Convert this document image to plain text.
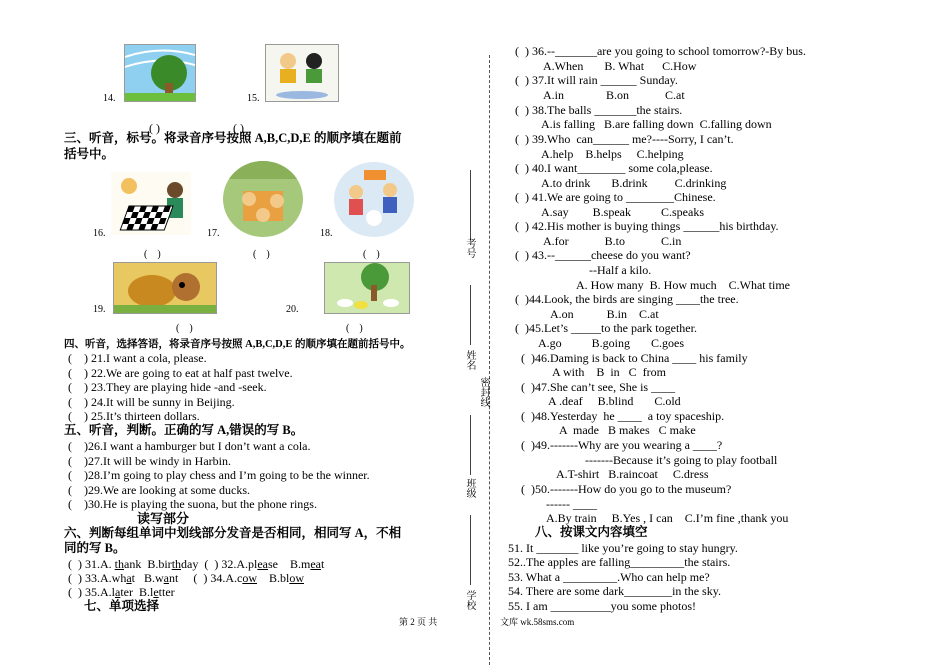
14.	15.
( )	( )
三、听音，标号。将录音序号按照 A,B,C,D,E 的顺序填在题前
括号中。
16.	17.	18.
(    )	(    )	(    )
19.	20.
(    )	(    )
四、听音，选择答语，将录音序号按照 A,B,C,D,E 的顺序填在题前括号中。
(    ) 21.I want a cola, please.
(    ) 22.We are going to eat at half past twelve.
(    ) 23.They are playing hide -and -seek.
(    ) 24.It will be sunny in Beijing.
(    ) 25.It’s thirteen dollars.
五、听音，判断。正确的写 A,错误的写 B。
(    )26.I want a hamburger but I don’t want a cola.
(    )27.It will be windy in Harbin.
(    )28.I’m going to play chess and I’m going to be the winner.
(    )29.We are looking at some ducks.
(    )30.He is playing the suona, but the phone rings.
读写部分
六、判断每组单词中划线部分发音是否相同，相同写 A，不相
同的写 B。
(  ) 31.A. thank  B.birthday  (  ) 32.A.please    B.meat
(  ) 33.A.what   B.want     (  ) 34.A.cow    B.blow
(  ) 35.A.later  B.letter
七、单项选择
第 2 页 共	文库 wk.58sms.com
考号
姓名
密封线
班级
学校
(  ) 36.--_______are you going to school tomorrow?-By bus.
A.When       B. What      C.How
(  ) 37.It will rain ______ Sunday.
A.in              B.on            C.at
(  ) 38.The balls _______the stairs.
A.is falling   B.are falling down  C.falling down
(  ) 39.Who  can______ me?----Sorry, I can’t.
A.help    B.helps     C.helping
(  ) 40.I want________ some cola,please.
A.to drink       B.drink         C.drinking
(  ) 41.We are going to ________Chinese.
A.say        B.speak          C.speaks
(  ) 42.His mother is buying things ______his birthday.
A.for            B.to            C.in
(  ) 43.--______cheese do you want?
--Half a kilo.
A. How many  B. How much    C.What time
(  )44.Look, the birds are singing ____the tree.
A.on           B.in    C.at
(  )45.Let’s _____to the park together.
A.go          B.going       C.goes
(  )46.Daming is back to China ____ his family
A with    B  in   C  from
(  )47.She can’t see, She is ____
A .deaf     B.blind       C.old
(  )48.Yesterday  he ____  a toy spaceship.
A  made   B makes   C make
(  )49.-------Why are you wearing a ____?
-------Because it’s going to play football
A.T-shirt   B.raincoat     C.dress
(  )50.-------How do you go to the museum?
------ ____
A.By train     B.Yes , I can    C.I’m fine ,thank you
八、按课文内容填空
51. It _______ like you’re going to stay hungry.
52..The apples are falling_________the stairs.
53. What a _________.Who can help me?
54. There are some dark________in the sky.
55. I am __________you some photos!
